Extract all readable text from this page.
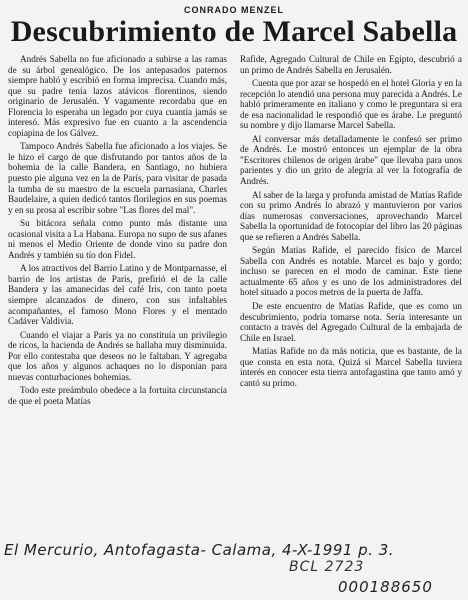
CONRADO MENZEL
Descubrimiento de Marcel Sabella

Andrés Sabella no fue aficionado a subirse a las ramas de su árbol genealógico. De los antepasados paternos siempre habló y escribió en forma imprecisa. Cuando más, que su padre tenía lazos atávicos florentinos, siendo originario de Jerusalén. Y vagamente recordaba que en Florencia lo esperaba un legado por cuya cuantía jamás se interesó. Más expresivo fue en cuanto a la ascendencia copiapina de los Gálvez.

Tampoco Andrés Sabella fue aficionado a los viajes. Se le hizo el cargo de que disfrutando por tantos años de la bohemia de la calle Bandera, en Santiago, no hubiera puesto pie alguna vez en la de París, para visitar de pasada la tumba de su maestro de la escuela parnasiana, Charles Baudelaire, a quien dedicó tantos florilegios en sus poemas y en su prosa al escribir sobre "Las flores del mal".

Su bitácora señala como punto más distante una ocasional visita a La Habana. Europa no supo de sus afanes ni menos el Medio Oriente de donde vino su padre don Andrés y también su tío don Fidel.

A los atractivos del Barrio Latino y de Montparnasse, el barrio de los artistas de París, prefirió el de la calle Bandera y las amanecidas del café Iris, con tanto poeta siempre alcanzados de dinero, con sus infaltables acompañantes, el famoso Mono Flores y el mentado Cadáver Valdivia.

Cuando el viajar a París ya no constituía un privilegio de ricos, la hacienda de Andrés se hallaba muy disminuida. Por ello contestaba que deseos no le faltaban. Y agregaba que los años y algunos achaques no lo disponían para nuevas conturbaciones bohemias.

Todo este preámbulo obedece a la fortuita circunstancia de que el poeta Matías

Rafide, Agregado Cultural de Chile en Egipto, descubrió a un primo de Andrés Sabella en Jerusalén.

Cuenta que por azar se hospedó en el hotel Gloria y en la recepción lo atendió una persona muy parecida a Andrés. Le habló primeramente en italiano y como le preguntara si era de esa nacionalidad le respondió que es árabe. Le preguntó su nombre y dijo llamarse Marcel Sabella.

Al conversar más detalladamente le confesó ser primo de Andrés. Le mostró entonces un ejemplar de la obra "Escritores chilenos de origen árabe" que llevaba para unos parientes y dio un grito de alegría al ver la fotografía de Andrés.

Al saber de la larga y profunda amistad de Matías Rafide con su primo Andrés lo abrazó y mantuvieron por varios días numerosas conversaciones, aprovechando Marcel Sabella la oportunidad de fotocopiar del libro las 20 páginas que se refieren a Andrés Sabella.

Según Matías Rafide, el parecido físico de Marcel Sabella con Andrés es notable. Marcel es bajo y gordo; incluso se parecen en el modo de caminar. Este tiene actualmente 65 años y es uno de los administradores del hotel situado a pocos metros de la puerta de Jaffa.

De este encuentro de Matías Rafide, que es como un descubrimiento, podría tomarse nota. Sería interesante un contacto a través del Agregado Cultural de la embajada de Chile en Israel.

Matías Rafide no da más noticia, que es bastante, de la que consta en esta nota. Quizá si Marcel Sabella tuviera interés en conocer esta tierra antofagastina que tanto amó y cantó su primo.

El Mercurio, Antofagasta- Calama, 4-X-1991 p. 3.
BCL 2723
000188650
